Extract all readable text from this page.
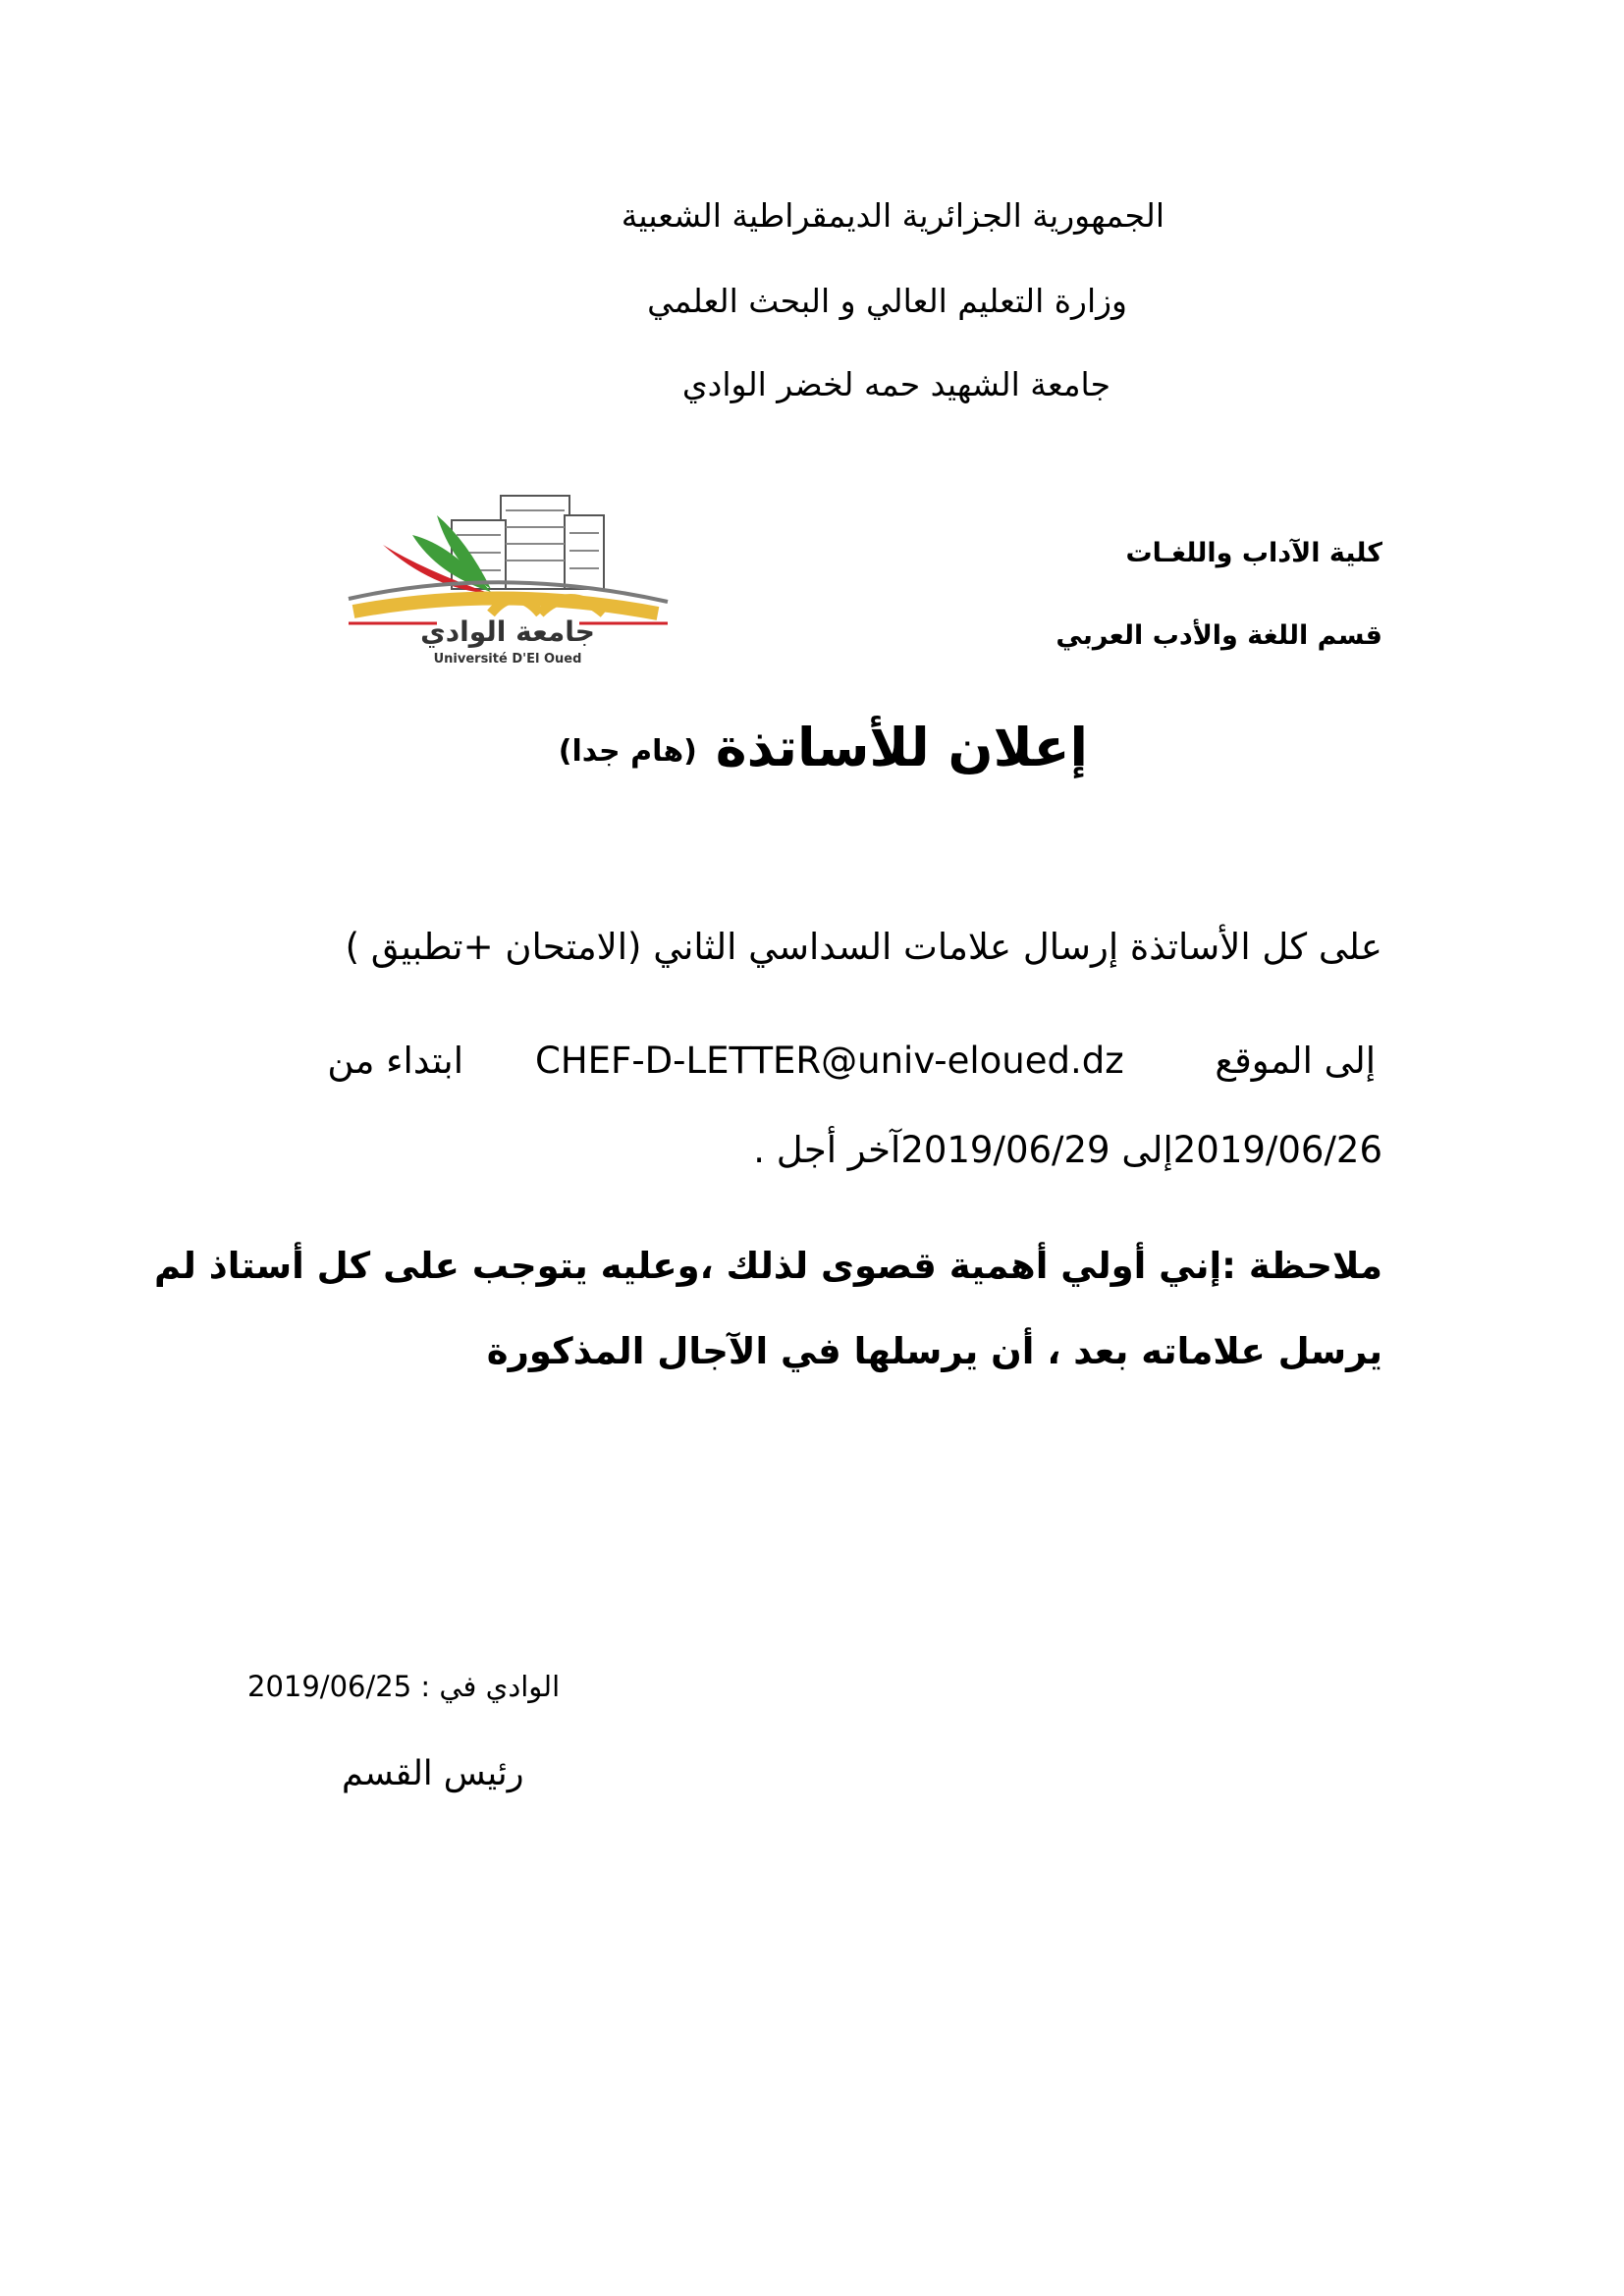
الجمهورية الجزائرية الديمقراطية الشعبية
وزارة التعليم العالي و البحث العلمي
جامعة الشهيد حمه لخضر الوادي
جامعة الوادي
Université D'El Oued
كلية الآداب واللغـات
قسم اللغة والأدب العربي
إعلان للأساتذة (هام جدا)
على كل الأساتذة إرسال علامات السداسي الثاني (الامتحان +تطبيق )
إلى الموقع
CHEF-D-LETTER@univ-eloued.dz
ابتداء من
2019/06/26إلى 2019/06/29آخر أجل .
ملاحظة :إني أولي أهمية قصوى لذلك ،وعليه يتوجب على كل أستاذ لم
يرسل علاماته بعد ، أن يرسلها في الآجال المذكورة
الوادي في : 2019/06/25
رئيس القسم
